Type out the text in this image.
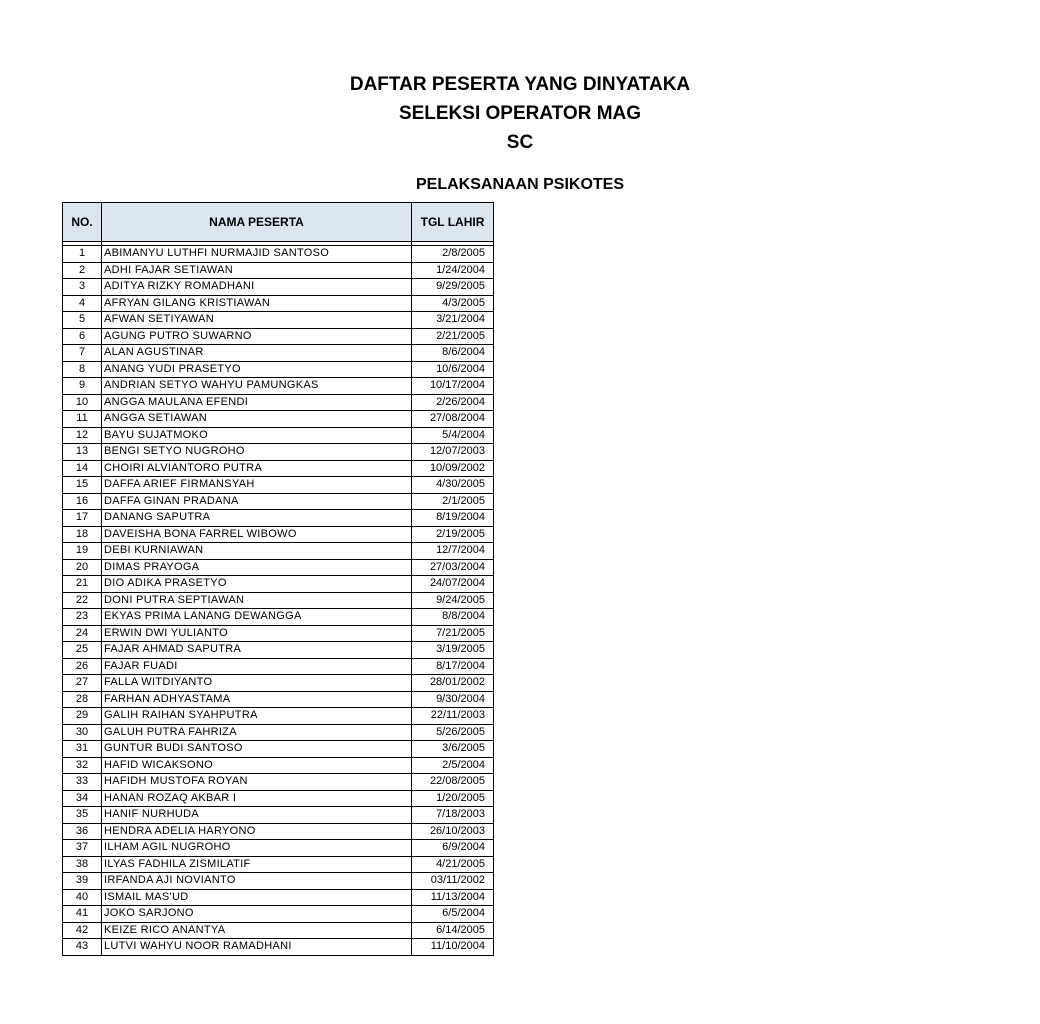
DAFTAR PESERTA YANG DINYATAKA
SELEKSI OPERATOR MAG
SC
PELAKSANAAN PSIKOTES
NO.	NAMA PESERTA	TGL LAHIR

1	ABIMANYU LUTHFI NURMAJID SANTOSO	2/8/2005
2	ADHI FAJAR SETIAWAN	1/24/2004
3	ADITYA RIZKY ROMADHANI	9/29/2005
4	AFRYAN GILANG KRISTIAWAN	4/3/2005
5	AFWAN SETIYAWAN	3/21/2004
6	AGUNG PUTRO SUWARNO	2/21/2005
7	ALAN AGUSTINAR	8/6/2004
8	ANANG YUDI PRASETYO	10/6/2004
9	ANDRIAN SETYO WAHYU PAMUNGKAS	10/17/2004
10	ANGGA MAULANA EFENDI	2/26/2004
11	ANGGA SETIAWAN	27/08/2004
12	BAYU SUJATMOKO	5/4/2004
13	BENGI SETYO NUGROHO	12/07/2003
14	CHOIRI ALVIANTORO PUTRA	10/09/2002
15	DAFFA ARIEF FIRMANSYAH	4/30/2005
16	DAFFA GINAN PRADANA	2/1/2005
17	DANANG SAPUTRA	8/19/2004
18	DAVEISHA BONA FARREL WIBOWO	2/19/2005
19	DEBI KURNIAWAN	12/7/2004
20	DIMAS PRAYOGA	27/03/2004
21	DIO ADIKA PRASETYO	24/07/2004
22	DONI PUTRA SEPTIAWAN	9/24/2005
23	EKYAS PRIMA LANANG DEWANGGA	8/8/2004
24	ERWIN DWI YULIANTO	7/21/2005
25	FAJAR AHMAD SAPUTRA	3/19/2005
26	FAJAR FUADI	8/17/2004
27	FALLA WITDIYANTO	28/01/2002
28	FARHAN ADHYASTAMA	9/30/2004
29	GALIH RAIHAN SYAHPUTRA	22/11/2003
30	GALUH PUTRA FAHRIZA	5/26/2005
31	GUNTUR BUDI SANTOSO	3/6/2005
32	HAFID WICAKSONO	2/5/2004
33	HAFIDH MUSTOFA ROYAN	22/08/2005
34	HANAN ROZAQ AKBAR I	1/20/2005
35	HANIF NURHUDA	7/18/2003
36	HENDRA ADELIA HARYONO	26/10/2003
37	ILHAM AGIL NUGROHO	6/9/2004
38	ILYAS FADHILA ZISMILATIF	4/21/2005
39	IRFANDA AJI NOVIANTO	03/11/2002
40	ISMAIL MAS'UD	11/13/2004
41	JOKO SARJONO	6/5/2004
42	KEIZE RICO ANANTYA	6/14/2005
43	LUTVI WAHYU NOOR RAMADHANI	11/10/2004
